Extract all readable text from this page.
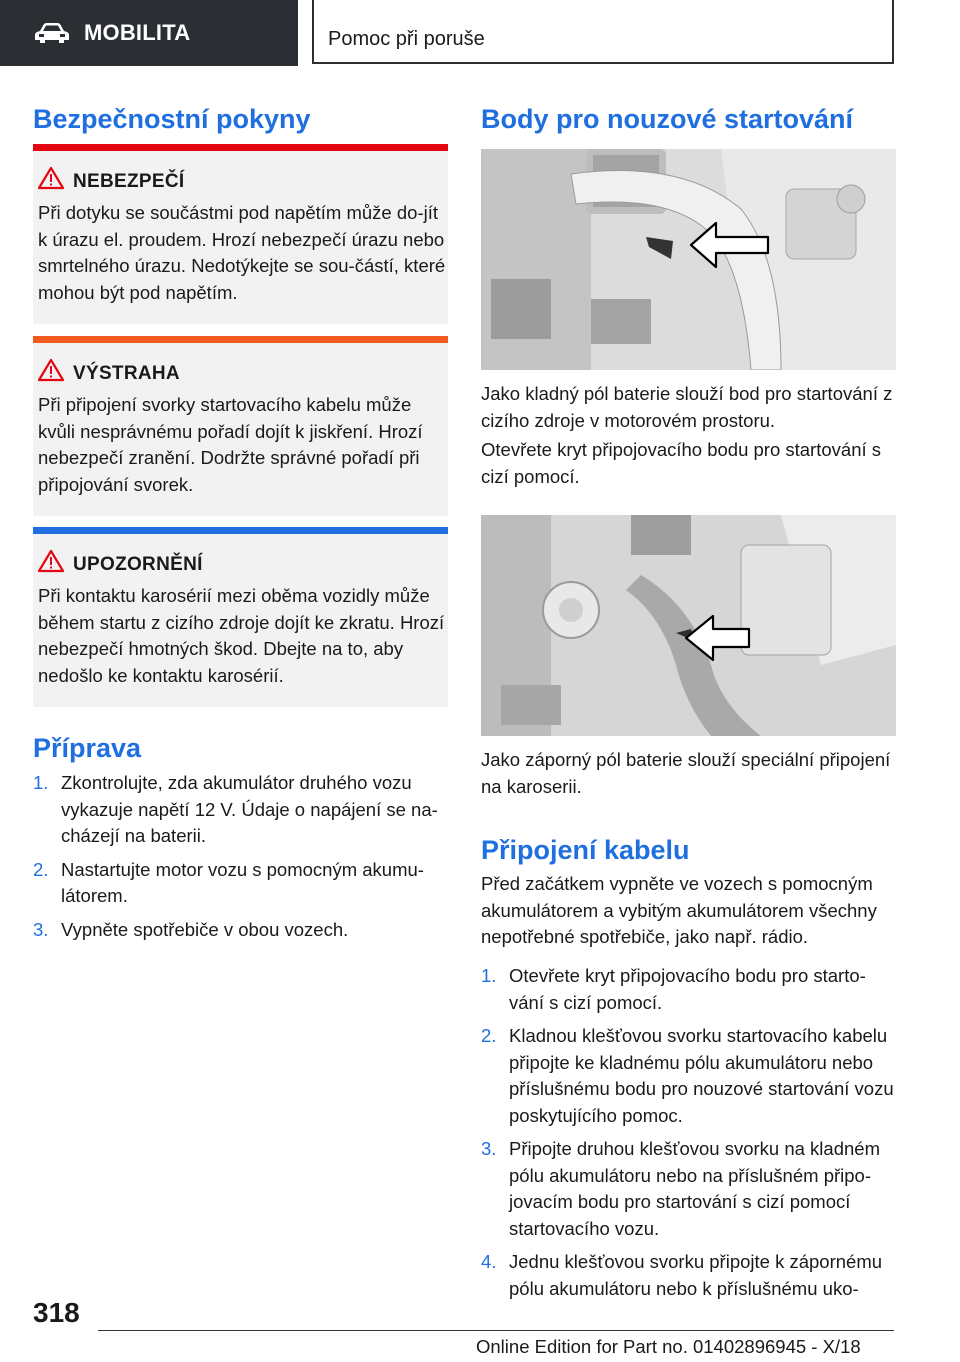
MOBILITA	Pomoc při poruše
Bezpečnostní pokyny
NEBEZPEČÍ
Při dotyku se součástmi pod napětím může do-jít k úrazu el. proudem. Hrozí nebezpečí úrazu nebo smrtelného úrazu. Nedotýkejte se sou-částí, které mohou být pod napětím.
VÝSTRAHA
Při připojení svorky startovacího kabelu může kvůli nesprávnému pořadí dojít k jiskření. Hrozí nebezpečí zranění. Dodržte správné pořadí při připojování svorek.
UPOZORNĚNÍ
Při kontaktu karosérií mezi oběma vozidly může během startu z cizího zdroje dojít ke zkratu. Hrozí nebezpečí hmotných škod. Dbejte na to, aby nedošlo ke kontaktu karosérií.
Příprava
1. Zkontrolujte, zda akumulátor druhého vozu vykazuje napětí 12 V. Údaje o napájení se na-cházejí na baterii.
2. Nastartujte motor vozu s pomocným akumu-látorem.
3. Vypněte spotřebiče v obou vozech.
Body pro nouzové startování
Jako kladný pól baterie slouží bod pro startování z cizího zdroje v motorovém prostoru.
Otevřete kryt připojovacího bodu pro startování s cizí pomocí.
Jako záporný pól baterie slouží speciální připojení na karoserii.
Připojení kabelu
Před začátkem vypněte ve vozech s pomocným akumulátorem a vybitým akumulátorem všechny nepotřebné spotřebiče, jako např. rádio.
1. Otevřete kryt připojovacího bodu pro starto-vání s cizí pomocí.
2. Kladnou klešťovou svorku startovacího kabelu připojte ke kladnému pólu akumulátoru nebo příslušnému bodu pro nouzové startování vozu poskytujícího pomoc.
3. Připojte druhou klešťovou svorku na kladném pólu akumulátoru nebo na příslušném připo-jovacím bodu pro startování s cizí pomocí startovacího vozu.
4. Jednu klešťovou svorku připojte k zápornému pólu akumulátoru nebo k příslušnému uko-
318
Online Edition for Part no. 01402896945 - X/18
